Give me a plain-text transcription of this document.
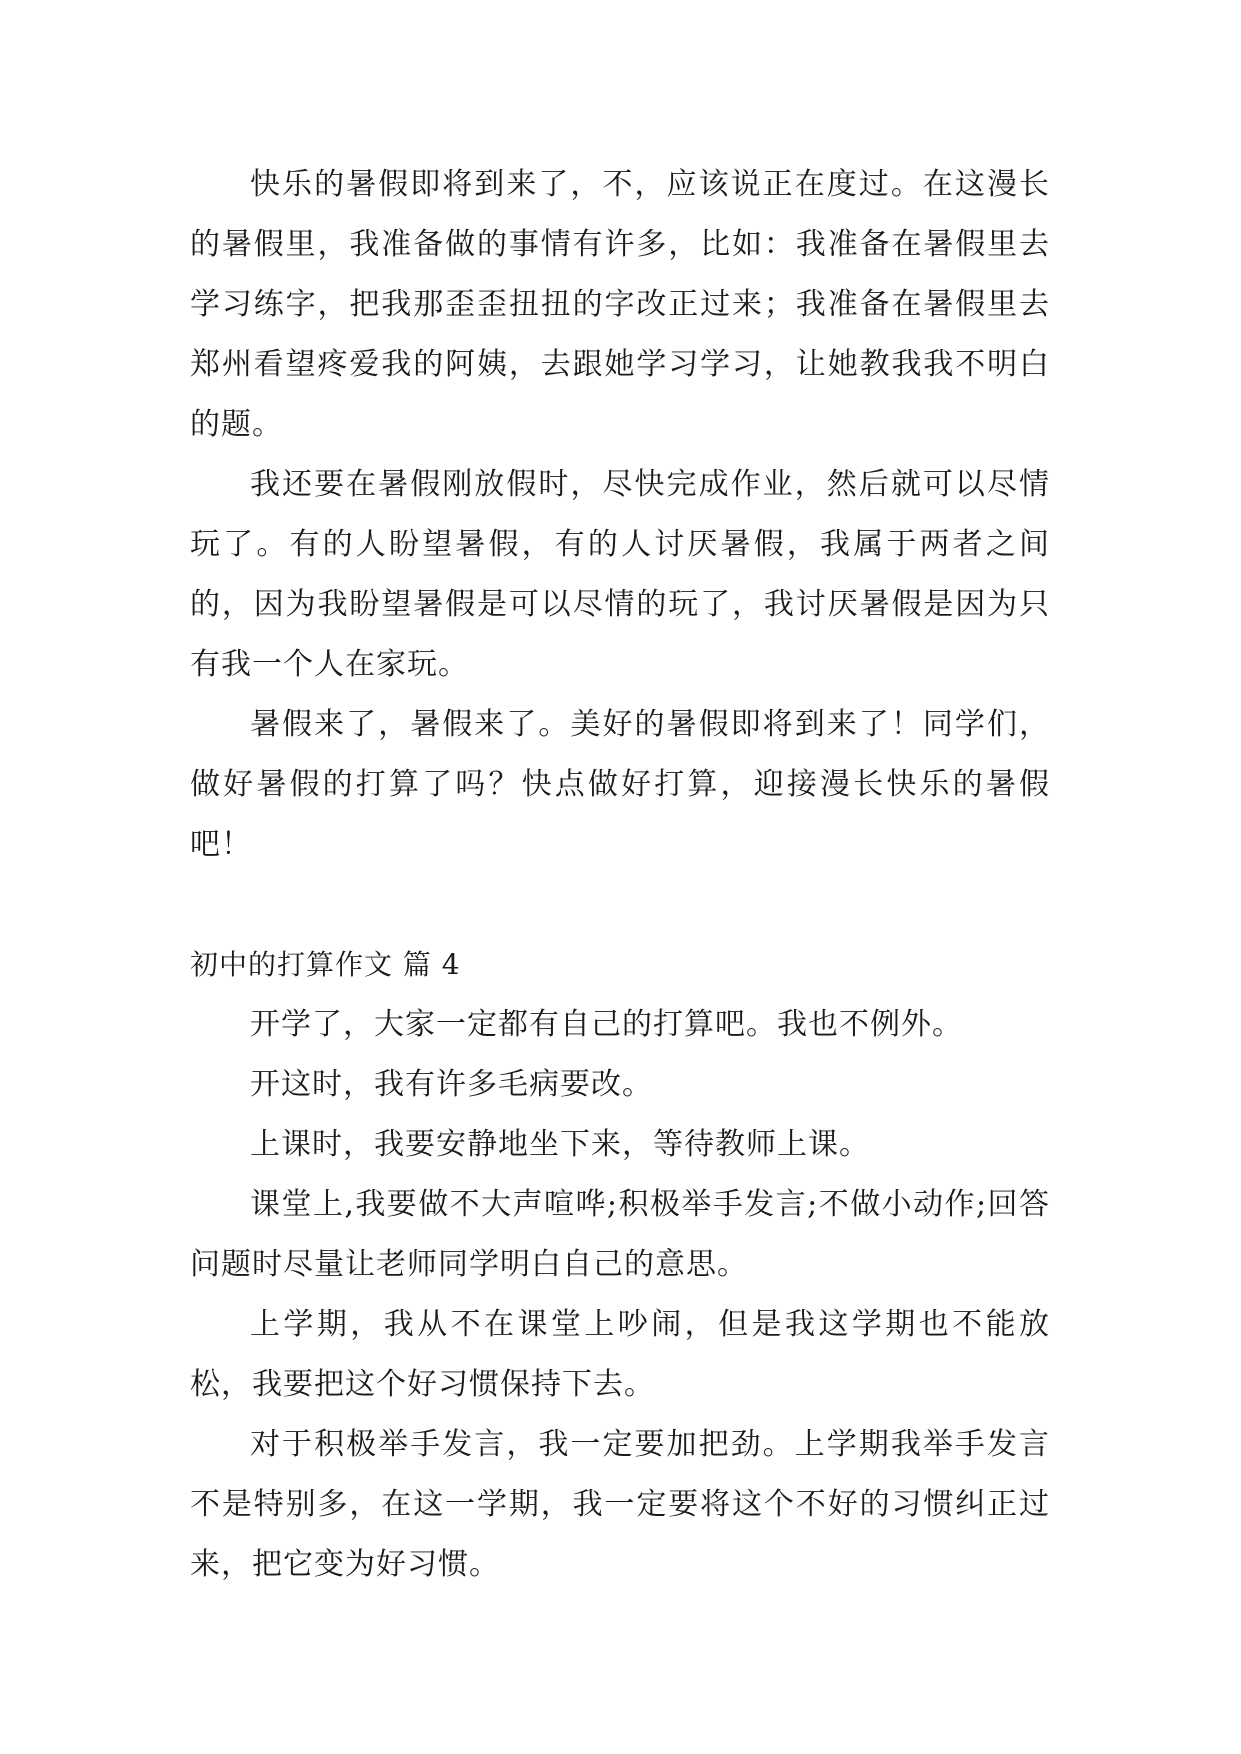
快乐的暑假即将到来了，不，应该说正在度过。在这漫长的暑假里，我准备做的事情有许多，比如：我准备在暑假里去学习练字，把我那歪歪扭扭的字改正过来；我准备在暑假里去郑州看望疼爱我的阿姨，去跟她学习学习，让她教我我不明白的题。

我还要在暑假刚放假时，尽快完成作业，然后就可以尽情玩了。有的人盼望暑假，有的人讨厌暑假，我属于两者之间的，因为我盼望暑假是可以尽情的玩了，我讨厌暑假是因为只有我一个人在家玩。

暑假来了，暑假来了。美好的暑假即将到来了！同学们，做好暑假的打算了吗？快点做好打算，迎接漫长快乐的暑假吧！

初中的打算作文 篇 4

开学了，大家一定都有自己的打算吧。我也不例外。

开这时，我有许多毛病要改。

上课时，我要安静地坐下来，等待教师上课。

课堂上,我要做不大声喧哗;积极举手发言;不做小动作;回答问题时尽量让老师同学明白自己的意思。

上学期，我从不在课堂上吵闹，但是我这学期也不能放松，我要把这个好习惯保持下去。

对于积极举手发言，我一定要加把劲。上学期我举手发言不是特别多，在这一学期，我一定要将这个不好的习惯纠正过来，把它变为好习惯。
